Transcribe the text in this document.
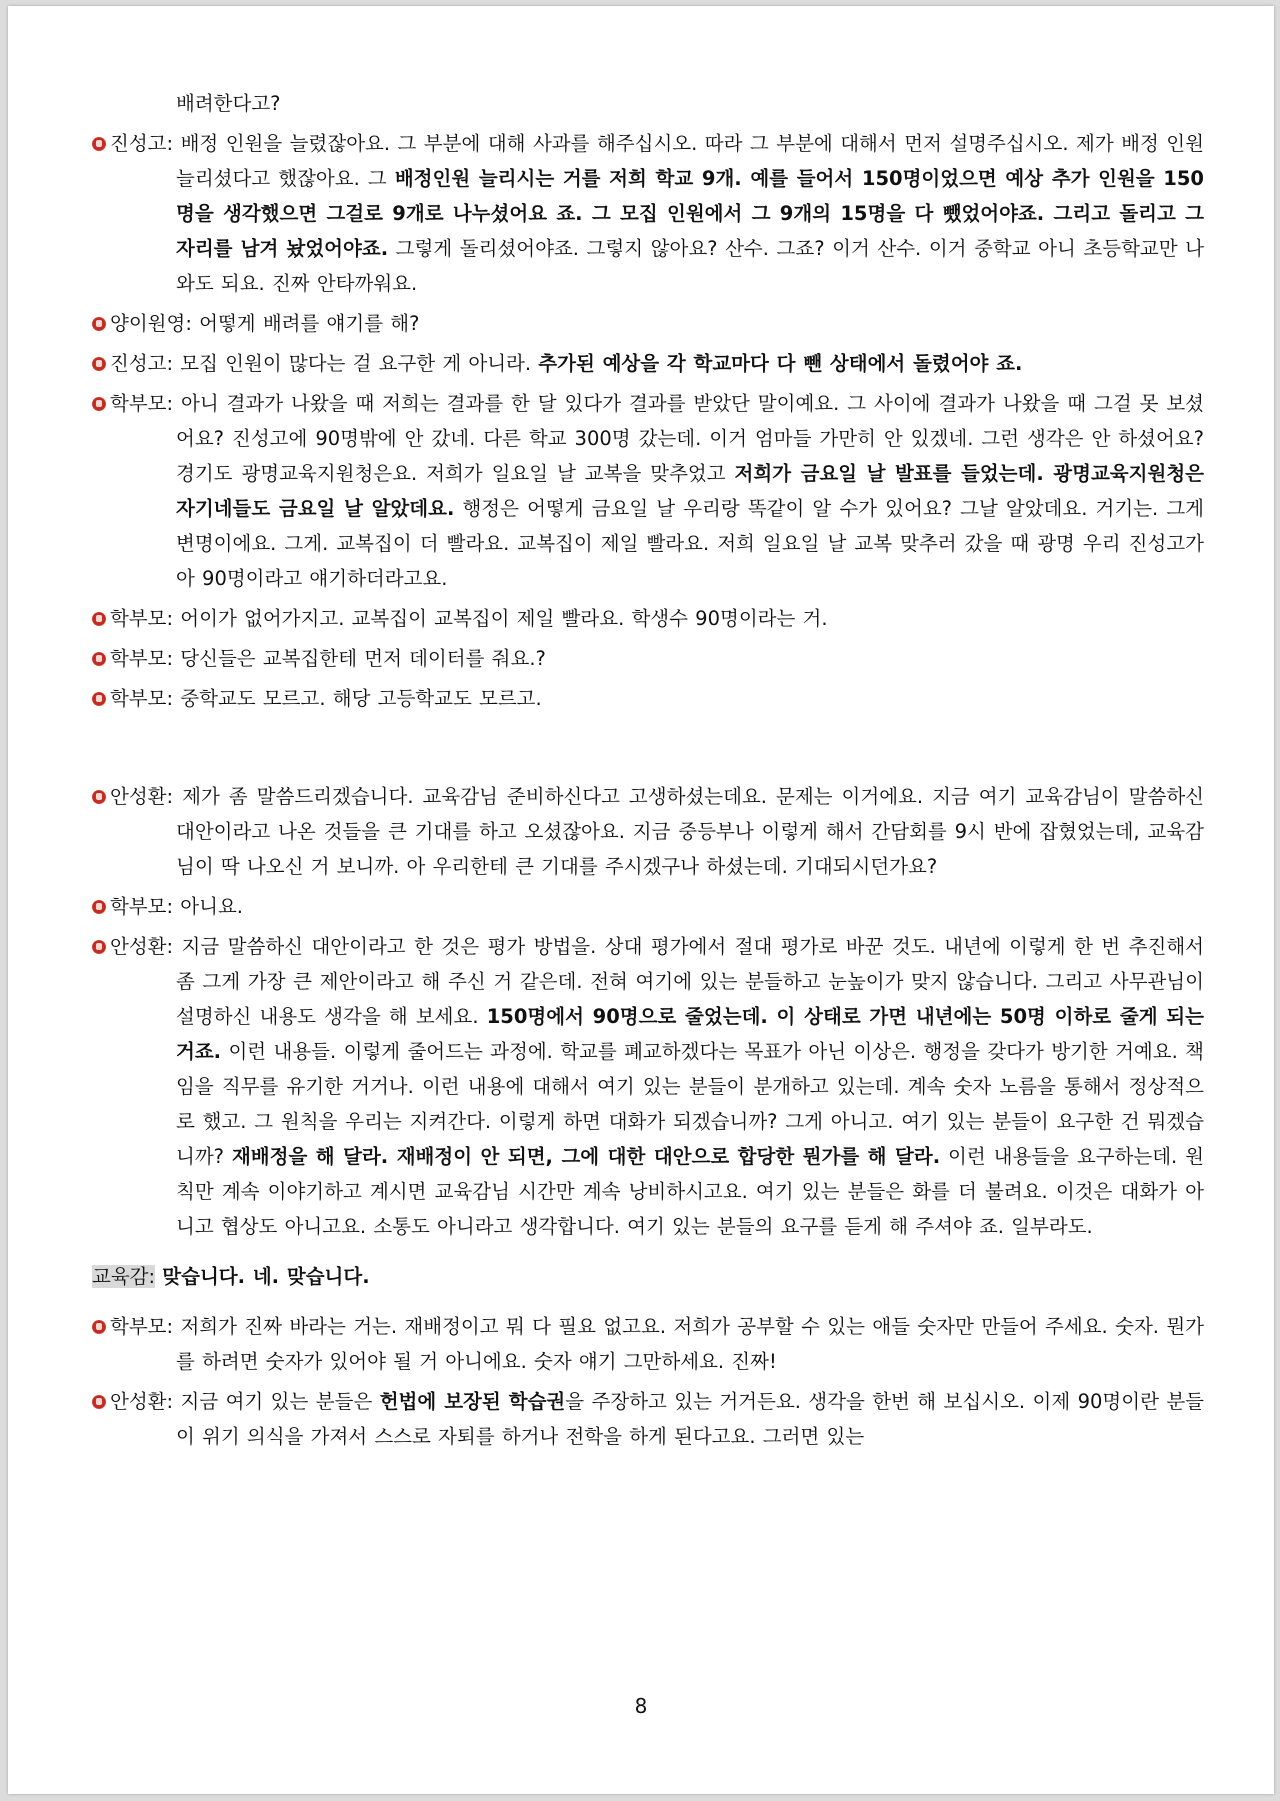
배려한다고?

진성고: 배정 인원을 늘렸잖아요. 그 부분에 대해 사과를 해주십시오. 따라 그 부분에 대해서 먼저 설명주십시오. 제가 배정 인원 늘리셨다고 했잖아요. 그 배정인원 늘리시는 거를 저희 학교 9개. 예를 들어서 150명이었으면 예상 추가 인원을 150명을 생각했으면 그걸로 9개로 나누셨어요 죠. 그 모집 인원에서 그 9개의 15명을 다 뺐었어야죠. 그리고 돌리고 그 자리를 남겨 놨었어야죠. 그렇게 돌리셨어야죠. 그렇지 않아요? 산수. 그죠? 이거 산수. 이거 중학교 아니 초등학교만 나와도 되요. 진짜 안타까워요.

양이원영: 어떻게 배려를 얘기를 해?

진성고: 모집 인원이 많다는 걸 요구한 게 아니라. 추가된 예상을 각 학교마다 다 뺀 상태에서 돌렸어야 죠.

학부모: 아니 결과가 나왔을 때 저희는 결과를 한 달 있다가 결과를 받았단 말이예요. 그 사이에 결과가 나왔을 때 그걸 못 보셨어요? 진성고에 90명밖에 안 갔네. 다른 학교 300명 갔는데. 이거 엄마들 가만히 안 있겠네. 그런 생각은 안 하셨어요? 경기도 광명교육지원청은요. 저희가 일요일 날 교복을 맞추었고 저희가 금요일 날 발표를 들었는데. 광명교육지원청은 자기네들도 금요일 날 알았데요. 행정은 어떻게 금요일 날 우리랑 똑같이 알 수가 있어요? 그날 알았데요. 거기는. 그게 변명이에요. 그게. 교복집이 더 빨라요. 교복집이 제일 빨라요. 저희 일요일 날 교복 맞추러 갔을 때 광명 우리 진성고가 아 90명이라고 얘기하더라고요.

학부모: 어이가 없어가지고. 교복집이 교복집이 제일 빨라요. 학생수 90명이라는 거.

학부모: 당신들은 교복집한테 먼저 데이터를 줘요.?

학부모: 중학교도 모르고. 해당 고등학교도 모르고.

안성환: 제가 좀 말씀드리겠습니다. 교육감님 준비하신다고 고생하셨는데요. 문제는 이거에요. 지금 여기 교육감님이 말씀하신 대안이라고 나온 것들을 큰 기대를 하고 오셨잖아요. 지금 중등부나 이렇게 해서 간담회를 9시 반에 잡혔었는데, 교육감님이 딱 나오신 거 보니까. 아 우리한테 큰 기대를 주시겠구나 하셨는데. 기대되시던가요?

학부모: 아니요.

안성환: 지금 말씀하신 대안이라고 한 것은 평가 방법을. 상대 평가에서 절대 평가로 바꾼 것도. 내년에 이렇게 한 번 추진해서 좀 그게 가장 큰 제안이라고 해 주신 거 같은데. 전혀 여기에 있는 분들하고 눈높이가 맞지 않습니다. 그리고 사무관님이 설명하신 내용도 생각을 해 보세요. 150명에서 90명으로 줄었는데. 이 상태로 가면 내년에는 50명 이하로 줄게 되는 거죠. 이런 내용들. 이렇게 줄어드는 과정에. 학교를 폐교하겠다는 목표가 아닌 이상은. 행정을 갖다가 방기한 거예요. 책임을 직무를 유기한 거거나. 이런 내용에 대해서 여기 있는 분들이 분개하고 있는데. 계속 숫자 노름을 통해서 정상적으로 했고. 그 원칙을 우리는 지켜간다. 이렇게 하면 대화가 되겠습니까? 그게 아니고. 여기 있는 분들이 요구한 건 뭐겠습니까? 재배정을 해 달라. 재배정이 안 되면, 그에 대한 대안으로 합당한 뭔가를 해 달라. 이런 내용들을 요구하는데. 원칙만 계속 이야기하고 계시면 교육감님 시간만 계속 낭비하시고요. 여기 있는 분들은 화를 더 불려요. 이것은 대화가 아니고 협상도 아니고요. 소통도 아니라고 생각합니다. 여기 있는 분들의 요구를 듣게 해 주셔야 죠. 일부라도.

교육감: 맞습니다. 네. 맞습니다.

학부모: 저희가 진짜 바라는 거는. 재배정이고 뭐 다 필요 없고요. 저희가 공부할 수 있는 애들 숫자만 만들어 주세요. 숫자. 뭔가를 하려면 숫자가 있어야 될 거 아니에요. 숫자 얘기 그만하세요. 진짜!

안성환: 지금 여기 있는 분들은 헌법에 보장된 학습권을 주장하고 있는 거거든요. 생각을 한번 해 보십시오. 이제 90명이란 분들이 위기 의식을 가져서 스스로 자퇴를 하거나 전학을 하게 된다고요. 그러면 있는

8
